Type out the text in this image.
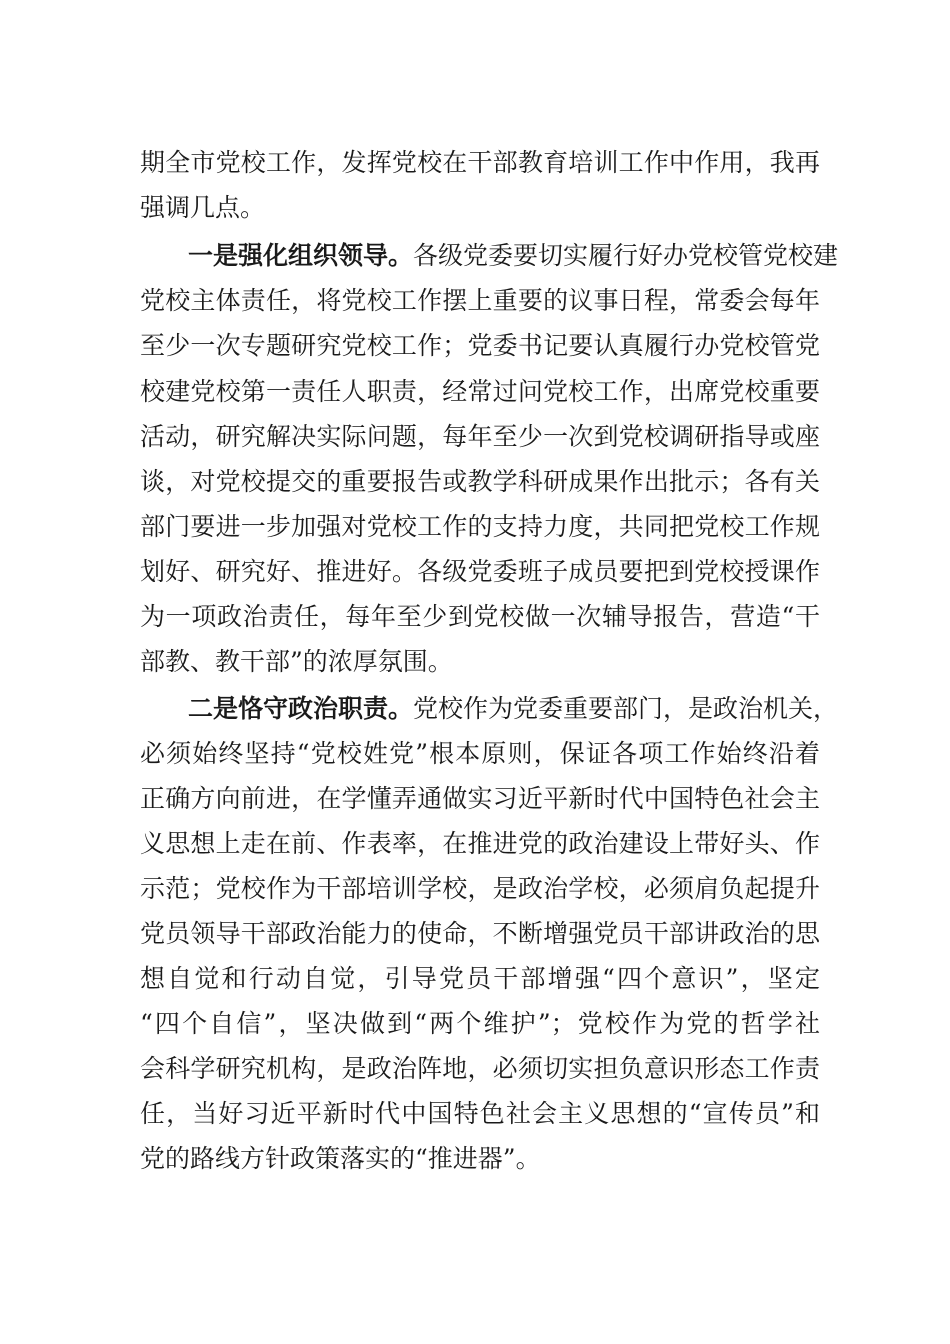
期全市党校工作，发挥党校在干部教育培训工作中作用，我再
强调几点。
一是强化组织领导。各级党委要切实履行好办党校管党校建
党校主体责任，将党校工作摆上重要的议事日程，常委会每年
至少一次专题研究党校工作；党委书记要认真履行办党校管党
校建党校第一责任人职责，经常过问党校工作，出席党校重要
活动，研究解决实际问题，每年至少一次到党校调研指导或座
谈，对党校提交的重要报告或教学科研成果作出批示；各有关
部门要进一步加强对党校工作的支持力度，共同把党校工作规
划好、研究好、推进好。各级党委班子成员要把到党校授课作
为一项政治责任，每年至少到党校做一次辅导报告，营造“干
部教、教干部”的浓厚氛围。
二是恪守政治职责。党校作为党委重要部门，是政治机关，
必须始终坚持“党校姓党”根本原则，保证各项工作始终沿着
正确方向前进，在学懂弄通做实习近平新时代中国特色社会主
义思想上走在前、作表率，在推进党的政治建设上带好头、作
示范；党校作为干部培训学校，是政治学校，必须肩负起提升
党员领导干部政治能力的使命，不断增强党员干部讲政治的思
想自觉和行动自觉，引导党员干部增强“四个意识”，坚定
“四个自信”，坚决做到“两个维护”；党校作为党的哲学社
会科学研究机构，是政治阵地，必须切实担负意识形态工作责
任，当好习近平新时代中国特色社会主义思想的“宣传员”和
党的路线方针政策落实的“推进器”。
